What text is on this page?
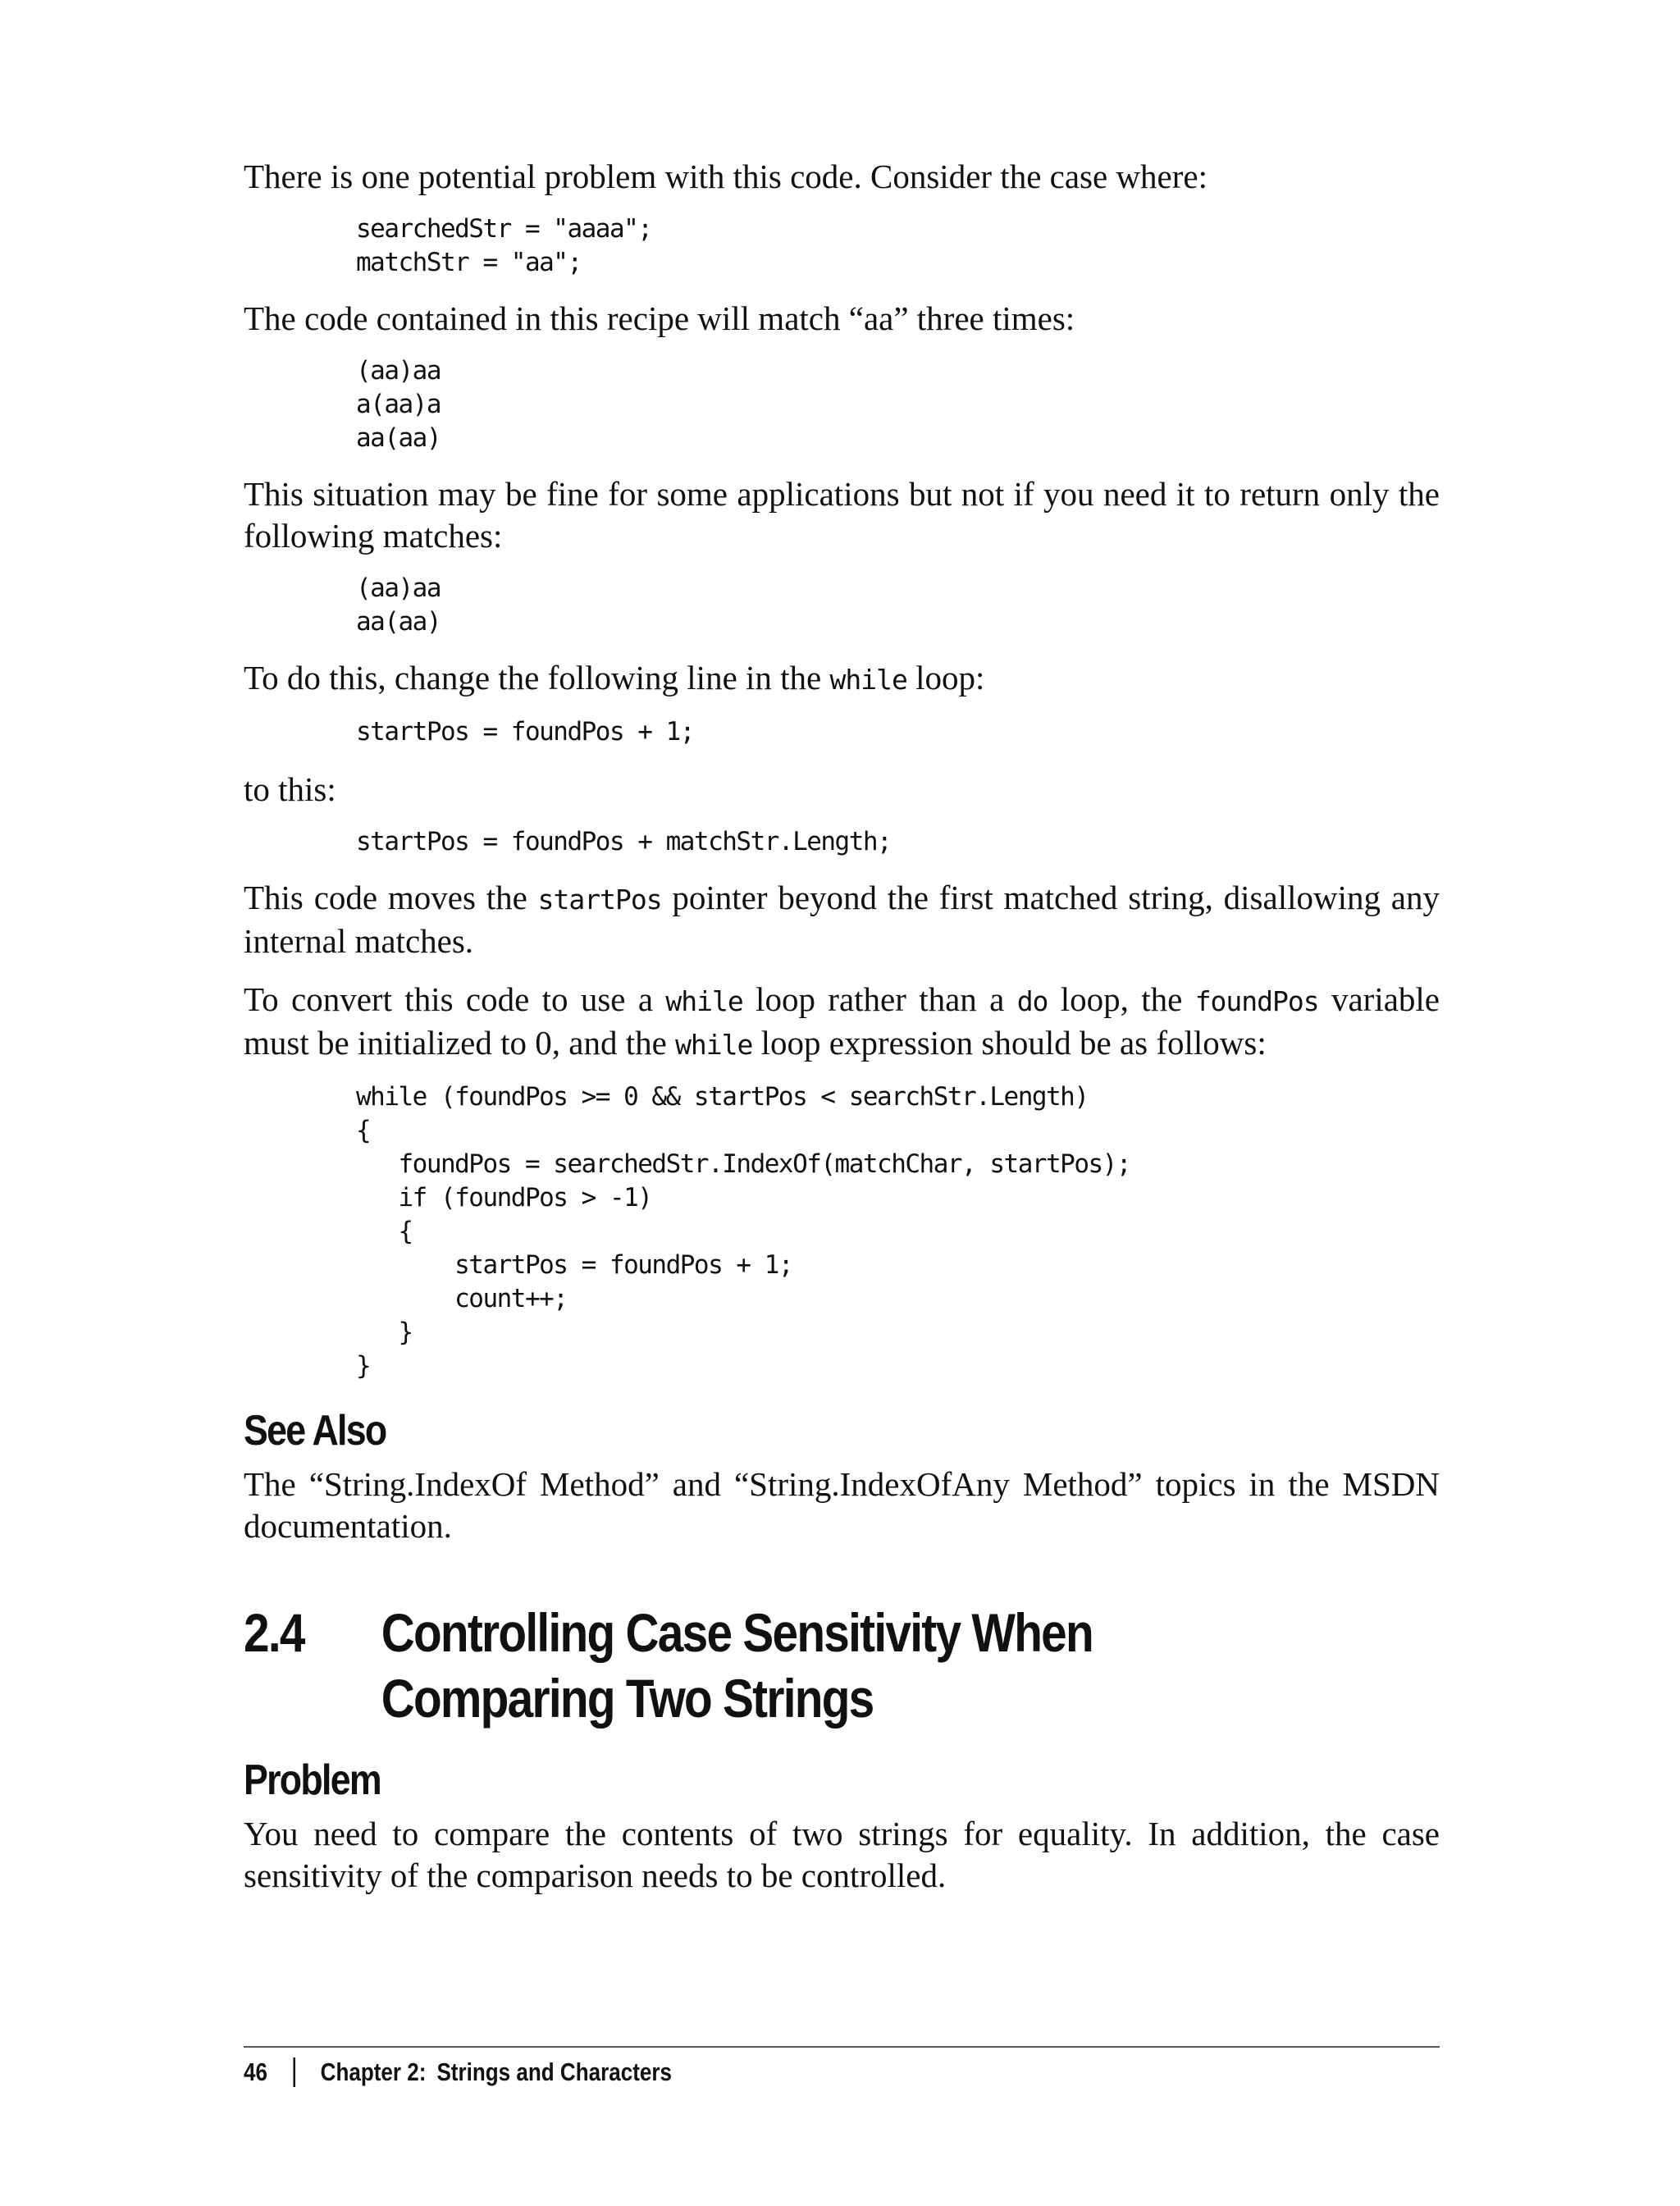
There is one potential problem with this code. Consider the case where:

searchedStr = "aaaa";
matchStr = "aa";

The code contained in this recipe will match “aa” three times:

(aa)aa
a(aa)a
aa(aa)

This situation may be fine for some applications but not if you need it to return only the following matches:

(aa)aa
aa(aa)

To do this, change the following line in the while loop:

startPos = foundPos + 1;

to this:

startPos = foundPos + matchStr.Length;

This code moves the startPos pointer beyond the first matched string, disallowing any internal matches.

To convert this code to use a while loop rather than a do loop, the foundPos variable must be initialized to 0, and the while loop expression should be as follows:

while (foundPos >= 0 && startPos < searchStr.Length)
{
foundPos = searchedStr.IndexOf(matchChar, startPos);
if (foundPos > -1)
{
startPos = foundPos + 1;
count++;
}
}
See Also

The “String.IndexOf Method” and “String.IndexOfAny Method” topics in the MSDN documentation.

2.4	Controlling Case Sensitivity When Comparing Two Strings
Problem

You need to compare the contents of two strings for equality. In addition, the case sensitivity of the comparison needs to be controlled.

46 Chapter 2: Strings and Characters
